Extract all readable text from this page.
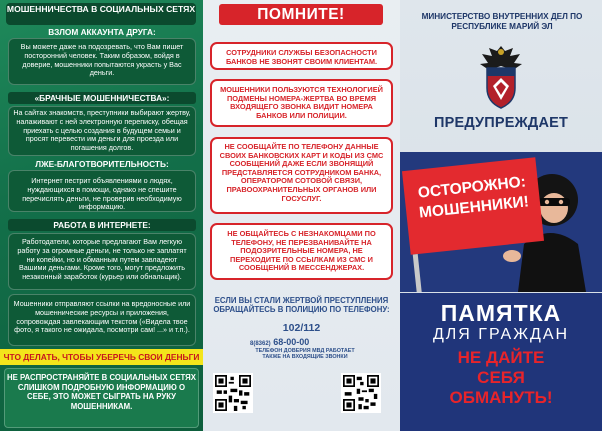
МОШЕННИЧЕСТВА В СОЦИАЛЬНЫХ СЕТЯХ
ВЗЛОМ АККАУНТА ДРУГА:
Вы можете даже на подозревать, что Вам пишет посторонний человек. Таким образом, войдя в доверие, мошенники попытаются украсть у Вас деньги.
«БРАЧНЫЕ МОШЕННИЧЕСТВА»:
На сайтах знакомств, преступники выбирают жертву, налаживают с ней электронную переписку, обещая приехать с целью создания в будущем семьи и просят перевести им деньги для проезда или погашения долгов.
ЛЖЕ-БЛАГОТВОРИТЕЛЬНОСТЬ:
Интернет пестрит объявлениями о людях, нуждающихся в помощи, однако не спешите перечислять деньги, не проверив необходимую информацию.
РАБОТА В ИНТЕРНЕТЕ:
Работодатели, которые предлагают Вам легкую работу за огромные деньги, не только не заплатят ни копейки, но и обманным путем завладеют Вашими деньгами. Кроме того, могут предложить незаконный заработок (курьер или обнальщик).
Мошенники отправляют ссылки на вредоносные или мошеннические ресурсы и приложения, сопровождая завлекающим текстом («Видела твое фото, я такого не ожидала, посмотри сам! ...» и т.п.).
ЧТО ДЕЛАТЬ, ЧТОБЫ УБЕРЕЧЬ СВОИ ДЕНЬГИ
НЕ РАСПРОСТРАНЯЙТЕ В СОЦИАЛЬНЫХ СЕТЯХ СЛИШКОМ ПОДРОБНУЮ ИНФОРМАЦИЮ О СЕБЕ, ЭТО МОЖЕТ СЫГРАТЬ НА РУКУ МОШЕННИКАМ.
ПОМНИТЕ!
СОТРУДНИКИ СЛУЖБЫ БЕЗОПАСНОСТИ БАНКОВ НЕ ЗВОНЯТ СВОИМ КЛИЕНТАМ.
МОШЕННИКИ ПОЛЬЗУЮТСЯ ТЕХНОЛОГИЕЙ ПОДМЕНЫ НОМЕРА-ЖЕРТВА ВО ВРЕМЯ ВХОДЯЩЕГО ЗВОНКА ВИДИТ НОМЕРА БАНКОВ ИЛИ ПОЛИЦИИ.
НЕ СООБЩАЙТЕ ПО ТЕЛЕФОНУ ДАННЫЕ СВОИХ БАНКОВСКИХ КАРТ И КОДЫ ИЗ СМС СООБЩЕНИЙ ДАЖЕ ЕСЛИ ЗВОНЯЩИЙ ПРЕДСТАВЛЯЕТСЯ СОТРУДНИКОМ БАНКА, ОПЕРАТОРОМ СОТОВОЙ СВЯЗИ, ПРАВООХРАНИТЕЛЬНЫХ ОРГАНОВ ИЛИ ГОСУСЛУГ.
НЕ ОБЩАЙТЕСЬ С НЕЗНАКОМЦАМИ ПО ТЕЛЕФОНУ, НЕ ПЕРЕЗВАНИВАЙТЕ НА ПОДОЗРИТЕЛЬНЫЕ НОМЕРА, НЕ ПЕРЕХОДИТЕ ПО ССЫЛКАМ ИЗ СМС И СООБЩЕНИЙ В МЕССЕНДЖЕРАХ.
ЕСЛИ ВЫ СТАЛИ ЖЕРТВОЙ ПРЕСТУПЛЕНИЯ ОБРАЩАЙТЕСЬ В ПОЛИЦИЮ ПО ТЕЛЕФОНУ:
102/112
8(8362) 68-00-00
ТЕЛЕФОН ДОВЕРИЯ МВД РАБОТАЕТ ТАКЖЕ НА ВХОДЯЩИЕ ЗВОНКИ
МИНИСТЕРСТВО ВНУТРЕННИХ ДЕЛ ПО РЕСПУБЛИКЕ МАРИЙ ЭЛ
ПРЕДУПРЕЖДАЕТ
ОСТОРОЖНО:
МОШЕННИКИ!
ПАМЯТКА
ДЛЯ ГРАЖДАН
НЕ ДАЙТЕ СЕБЯ ОБМАНУТЬ!
